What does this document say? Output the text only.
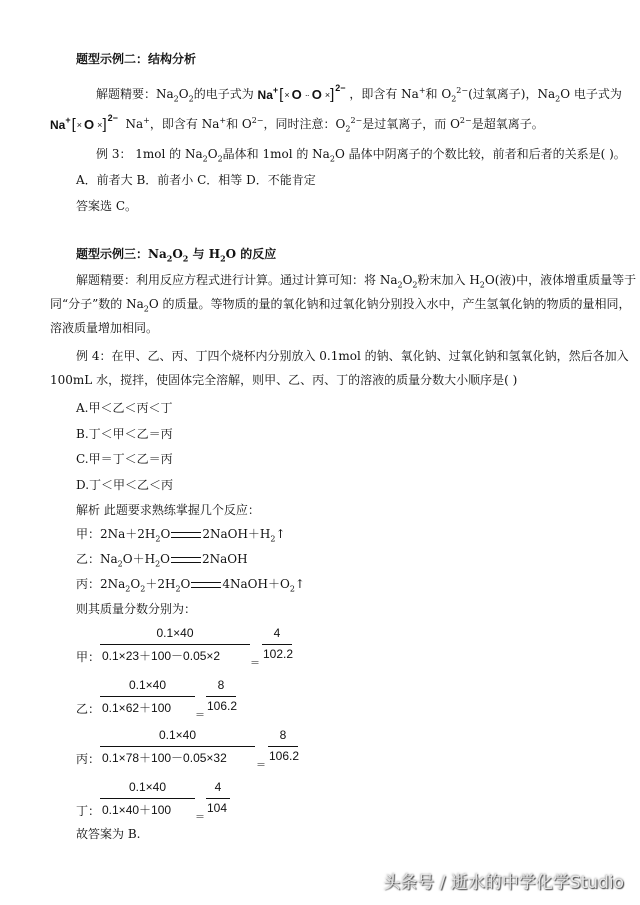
题型示例二：结构分析
解题精要：$Na_2O_2$的电子式为 Na+ [ × O ·· O × ] 2− ，即含有 Na+和 $O_2^{2-}$(过氧离子)，$Na_2O$ 电子式为
Na+ [ × O × ] 2− Na+，即含有 Na+和 $O^{2-}$，同时注意：$O_2^{2-}$是过氧离子，而 $O^{2-}$是超氧离子。
例 3： 1mol 的 $Na_2O_2$晶体和 1mol 的 $Na_2O$ 晶体中阴离子的个数比较，前者和后者的关系是( )。
A．前者大 B．前者小 C．相等 D．不能肯定
答案选 C。
题型示例三：$Na_2O_2$ 与 $H_2O$ 的反应
解题精要：利用反应方程式进行计算。通过计算可知：将 $Na_2O_2$粉末加入 $H_2O$(液)中，液体增重质量等于
同“分子”数的 $Na_2O$ 的质量。等物质的量的氧化钠和过氧化钠分别投入水中，产生氢氧化钠的物质的量相同，
溶液质量增加相同。
例 4：在甲、乙、丙、丁四个烧杯内分别放入 0.1mol 的钠、氧化钠、过氧化钠和氢氧化钠，然后各加入
100mL 水，搅拌，使固体完全溶解，则甲、乙、丙、丁的溶液的质量分数大小顺序是( )
A.甲＜乙＜丙＜丁
B.丁＜甲＜乙＝丙
C.甲＝丁＜乙＝丙
D.丁＜甲＜乙＜丙
解析 此题要求熟练掌握几个反应：
甲：$2Na+2H_2O$	$2NaOH+H_2↑$
乙：$Na_2O+H_2O$	2NaOH
丙：$2Na_2O_2+2H_2O$	$4NaOH+O_2↑$
则其质量分数分别为：
甲：
0.1×40
0.1×23＋100－0.05×2
＝
4
102.2
乙：
0.1×40
0.1×62＋100
＝
8
106.2
丙：
0.1×40
0.1×78＋100－0.05×32
＝
8
106.2
丁：
0.1×40
0.1×40＋100
＝
4
104
故答案为 B.
头条号 / 逝水的中学化学Studio
